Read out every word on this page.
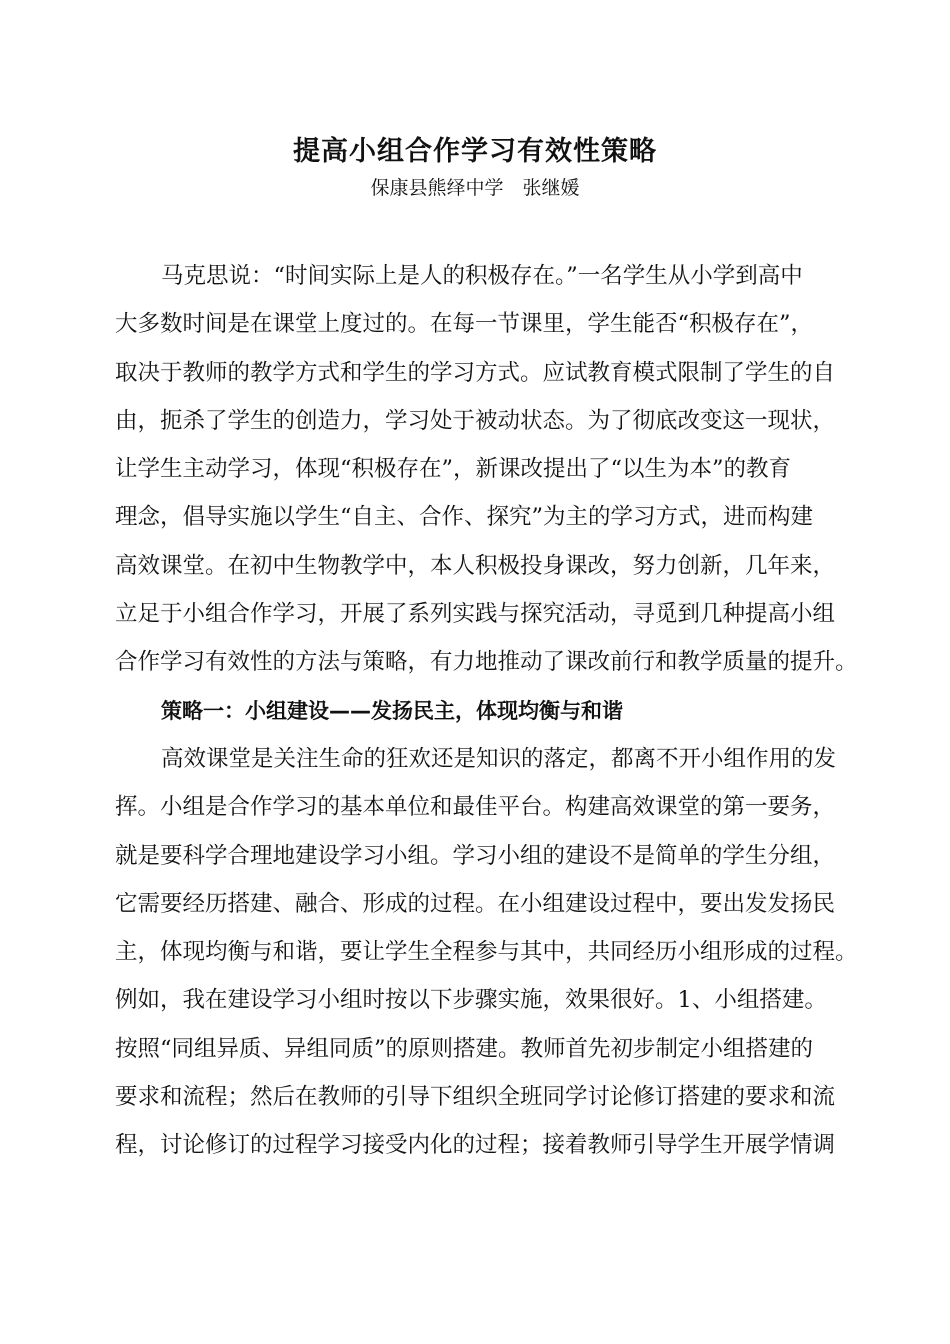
提高小组合作学习有效性策略

保康县熊绎中学　张继媛

马克思说：“时间实际上是人的积极存在。”一名学生从小学到高中
大多数时间是在课堂上度过的。在每一节课里，学生能否“积极存在”，
取决于教师的教学方式和学生的学习方式。应试教育模式限制了学生的自
由，扼杀了学生的创造力，学习处于被动状态。为了彻底改变这一现状，
让学生主动学习，体现“积极存在”，新课改提出了“以生为本”的教育
理念，倡导实施以学生“自主、合作、探究”为主的学习方式，进而构建
高效课堂。在初中生物教学中，本人积极投身课改，努力创新，几年来，
立足于小组合作学习，开展了系列实践与探究活动，寻觅到几种提高小组
合作学习有效性的方法与策略，有力地推动了课改前行和教学质量的提升。
策略一：小组建设——发扬民主，体现均衡与和谐
高效课堂是关注生命的狂欢还是知识的落定，都离不开小组作用的发
挥。小组是合作学习的基本单位和最佳平台。构建高效课堂的第一要务，
就是要科学合理地建设学习小组。学习小组的建设不是简单的学生分组，
它需要经历搭建、融合、形成的过程。在小组建设过程中，要出发发扬民
主，体现均衡与和谐，要让学生全程参与其中，共同经历小组形成的过程。
例如，我在建设学习小组时按以下步骤实施，效果很好。1、小组搭建。
按照“同组异质、异组同质”的原则搭建。教师首先初步制定小组搭建的
要求和流程；然后在教师的引导下组织全班同学讨论修订搭建的要求和流
程，讨论修订的过程学习接受内化的过程；接着教师引导学生开展学情调
